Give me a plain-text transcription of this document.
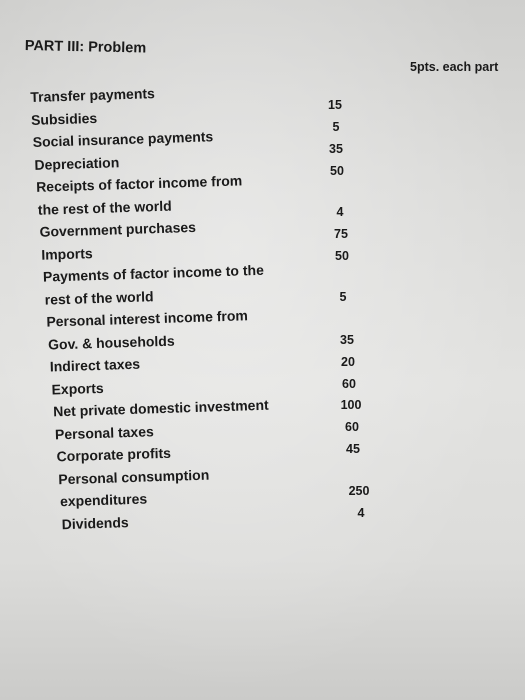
PART III: Problem
5pts. each part
Transfer payments
Subsidies
Social insurance payments
Depreciation
Receipts of factor income from
the rest of the world
Government purchases
Imports
Payments of factor income to the
rest of the world
Personal interest income from
Gov. & households
Indirect taxes
Exports
Net private domestic investment
Personal taxes
Corporate profits
Personal consumption
expenditures
Dividends
15
5
35
50
4
75
50
5
35
20
60
100
60
45
250
4
